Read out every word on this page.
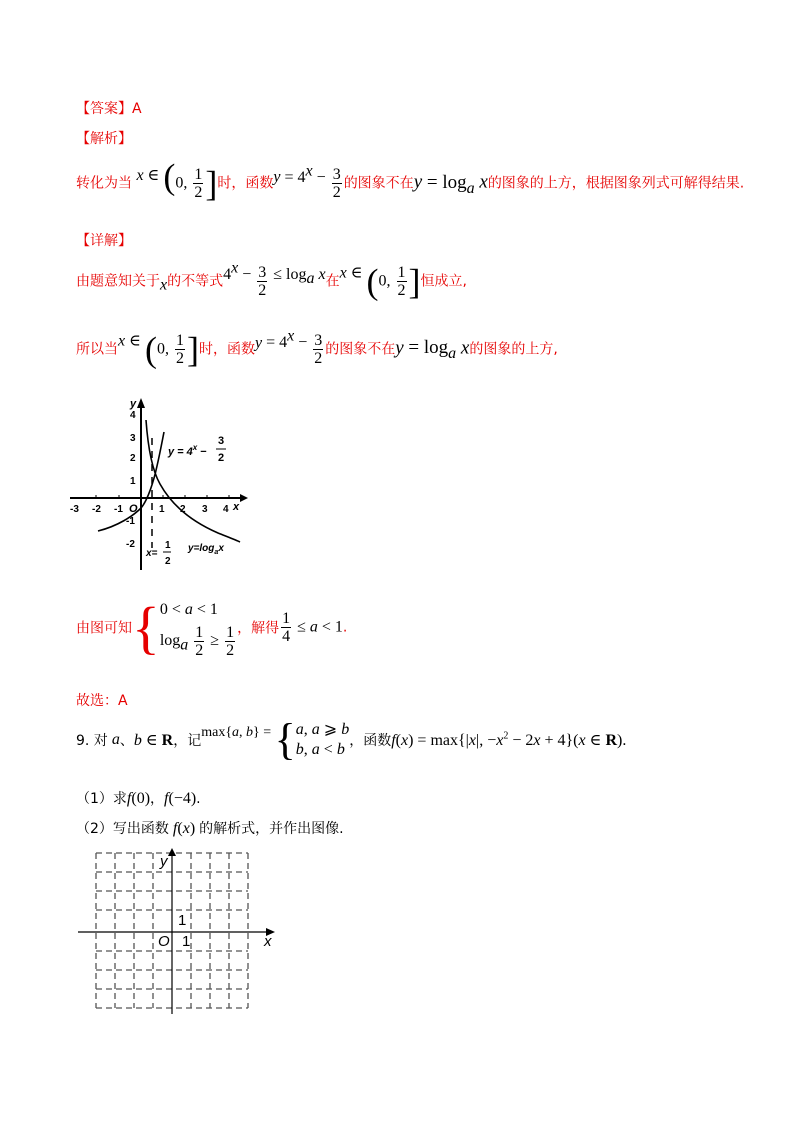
【答案】A
【解析】
转化为当 x ∈ (0, $\frac{1}{2}$ ]时，函数$y = 4^x - \frac{3}{2}$ 的图象不在$y = \log_a x$的图象的上方，根据图象列式可解得结果.
【详解】
由题意知关于x的不等式$4^x - \frac{3}{2} \le \log_a x$在x ∈ (0, $\frac{1}{2}$ ]恒成立,
所以当x ∈ (0, $\frac{1}{2}$ ]时，函数$y = 4^x - \frac{3}{2}$ 的图象不在$y = \log_a x$的图象的上方,
y
x
O
-3 -2 -1	1 2 3 4
4
3
2
1
-1
-2
$y = 4^x$ −
3
2
$y=\log_ax$
x=
1
2
由图可知{ 0 < a < 1
$\log_a \frac{1}{2} \ge \frac{1}{2}$ ，解得 $\frac{1}{4} \le a < 1$.
故选：A
9. 对 a、b ∈ R，记max{a, b} = { a, a ⩾ b
b, a < b ，函数f(x) = max{|x|, $-x^2 - 2x + 4\}(x$ ∈ R).
（1）求f(0)，f(−4).
（2）写出函数 f(x) 的解析式，并作出图像.
y
x
O 1
1
